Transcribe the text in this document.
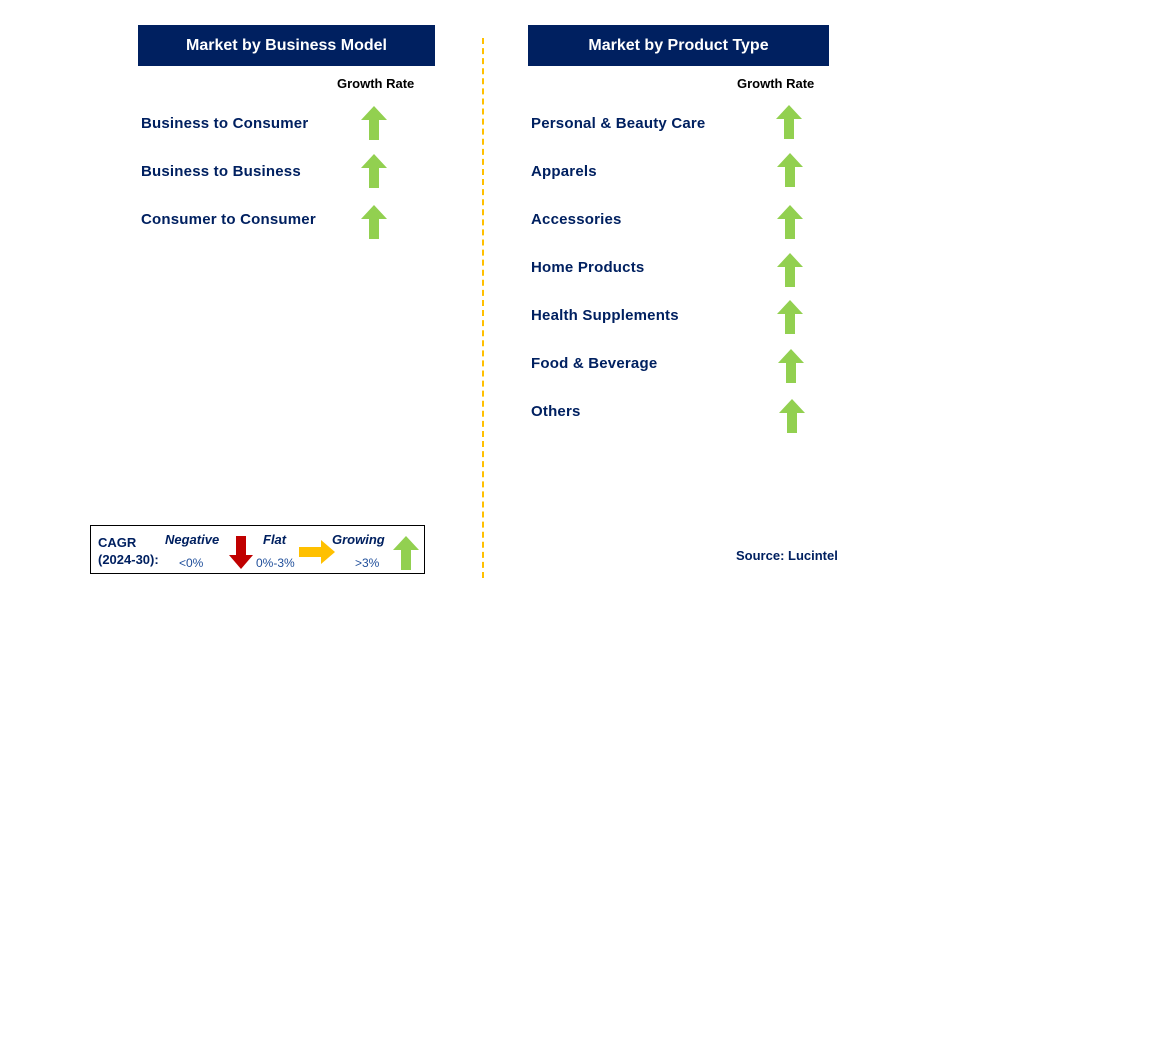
Market by Business Model
Growth Rate
Business to Consumer
Business to Business
Consumer to Consumer
Market by Product Type
Growth Rate
Personal & Beauty Care
Apparels
Accessories
Home Products
Health Supplements
Food & Beverage
Others
CAGR
(2024-30):
Negative
<0%
Flat
0%-3%
Growing
>3%	Source: Lucintel
